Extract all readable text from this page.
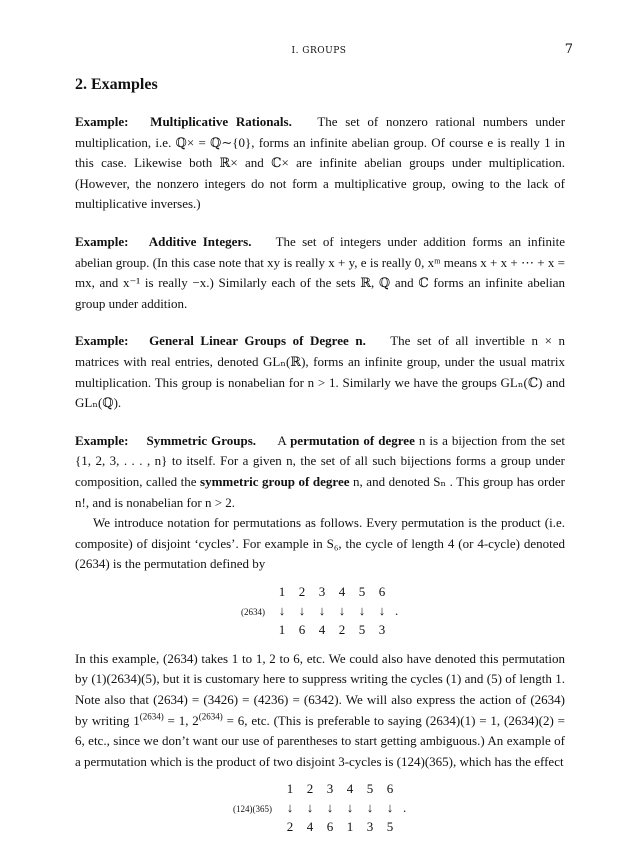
I. GROUPS	7
2. Examples

Example: Multiplicative Rationals. The set of nonzero rational numbers under multiplication, i.e. ℚ× = ℚ∼{0}, forms an infinite abelian group. Of course e is really 1 in this case. Likewise both ℝ× and ℂ× are infinite abelian groups under multiplication. (However, the nonzero integers do not form a multiplicative group, owing to the lack of multiplicative inverses.)

Example: Additive Integers. The set of integers under addition forms an infinite abelian group. (In this case note that xy is really x + y, e is really 0, xᵐ means x + x + ⋯ + x = mx, and x⁻¹ is really −x.) Similarly each of the sets ℝ, ℚ and ℂ forms an infinite abelian group under addition.

Example: General Linear Groups of Degree n. The set of all invertible n × n matrices with real entries, denoted GLₙ(ℝ), forms an infinite group, under the usual matrix multiplication. This group is nonabelian for n > 1. Similarly we have the groups GLₙ(ℂ) and GLₙ(ℚ).

Example: Symmetric Groups. A permutation of degree n is a bijection from the set {1, 2, 3, . . . , n} to itself. For a given n, the set of all such bijections forms a group under composition, called the symmetric group of degree n, and denoted Sₙ . This group has order n!, and is nonabelian for n > 2.

We introduce notation for permutations as follows. Every permutation is the product (i.e. composite) of disjoint ‘cycles’. For example in S₆, the cycle of length 4 (or 4-cycle) denoted (2634) is the permutation defined by

(2634)
1	2	3	4	5	6
↓	↓	↓	↓	↓	↓
1	6	4	2	5	3
.

In this example, (2634) takes 1 to 1, 2 to 6, etc. We could also have denoted this permutation by (1)(2634)(5), but it is customary here to suppress writing the cycles (1) and (5) of length 1. Note also that (2634) = (3426) = (4236) = (6342). We will also express the action of (2634) by writing $1^{(2634)} = 1$, $2^{(2634)} = 6$, etc. (This is preferable to saying (2634)(1) = 1, (2634)(2) = 6, etc., since we don’t want our use of parentheses to start getting ambiguous.) An example of a permutation which is the product of two disjoint 3-cycles is (124)(365), which has the effect

(124)(365)
1	2	3	4	5	6
↓	↓	↓	↓	↓	↓
2	4	6	1	3	5
.
